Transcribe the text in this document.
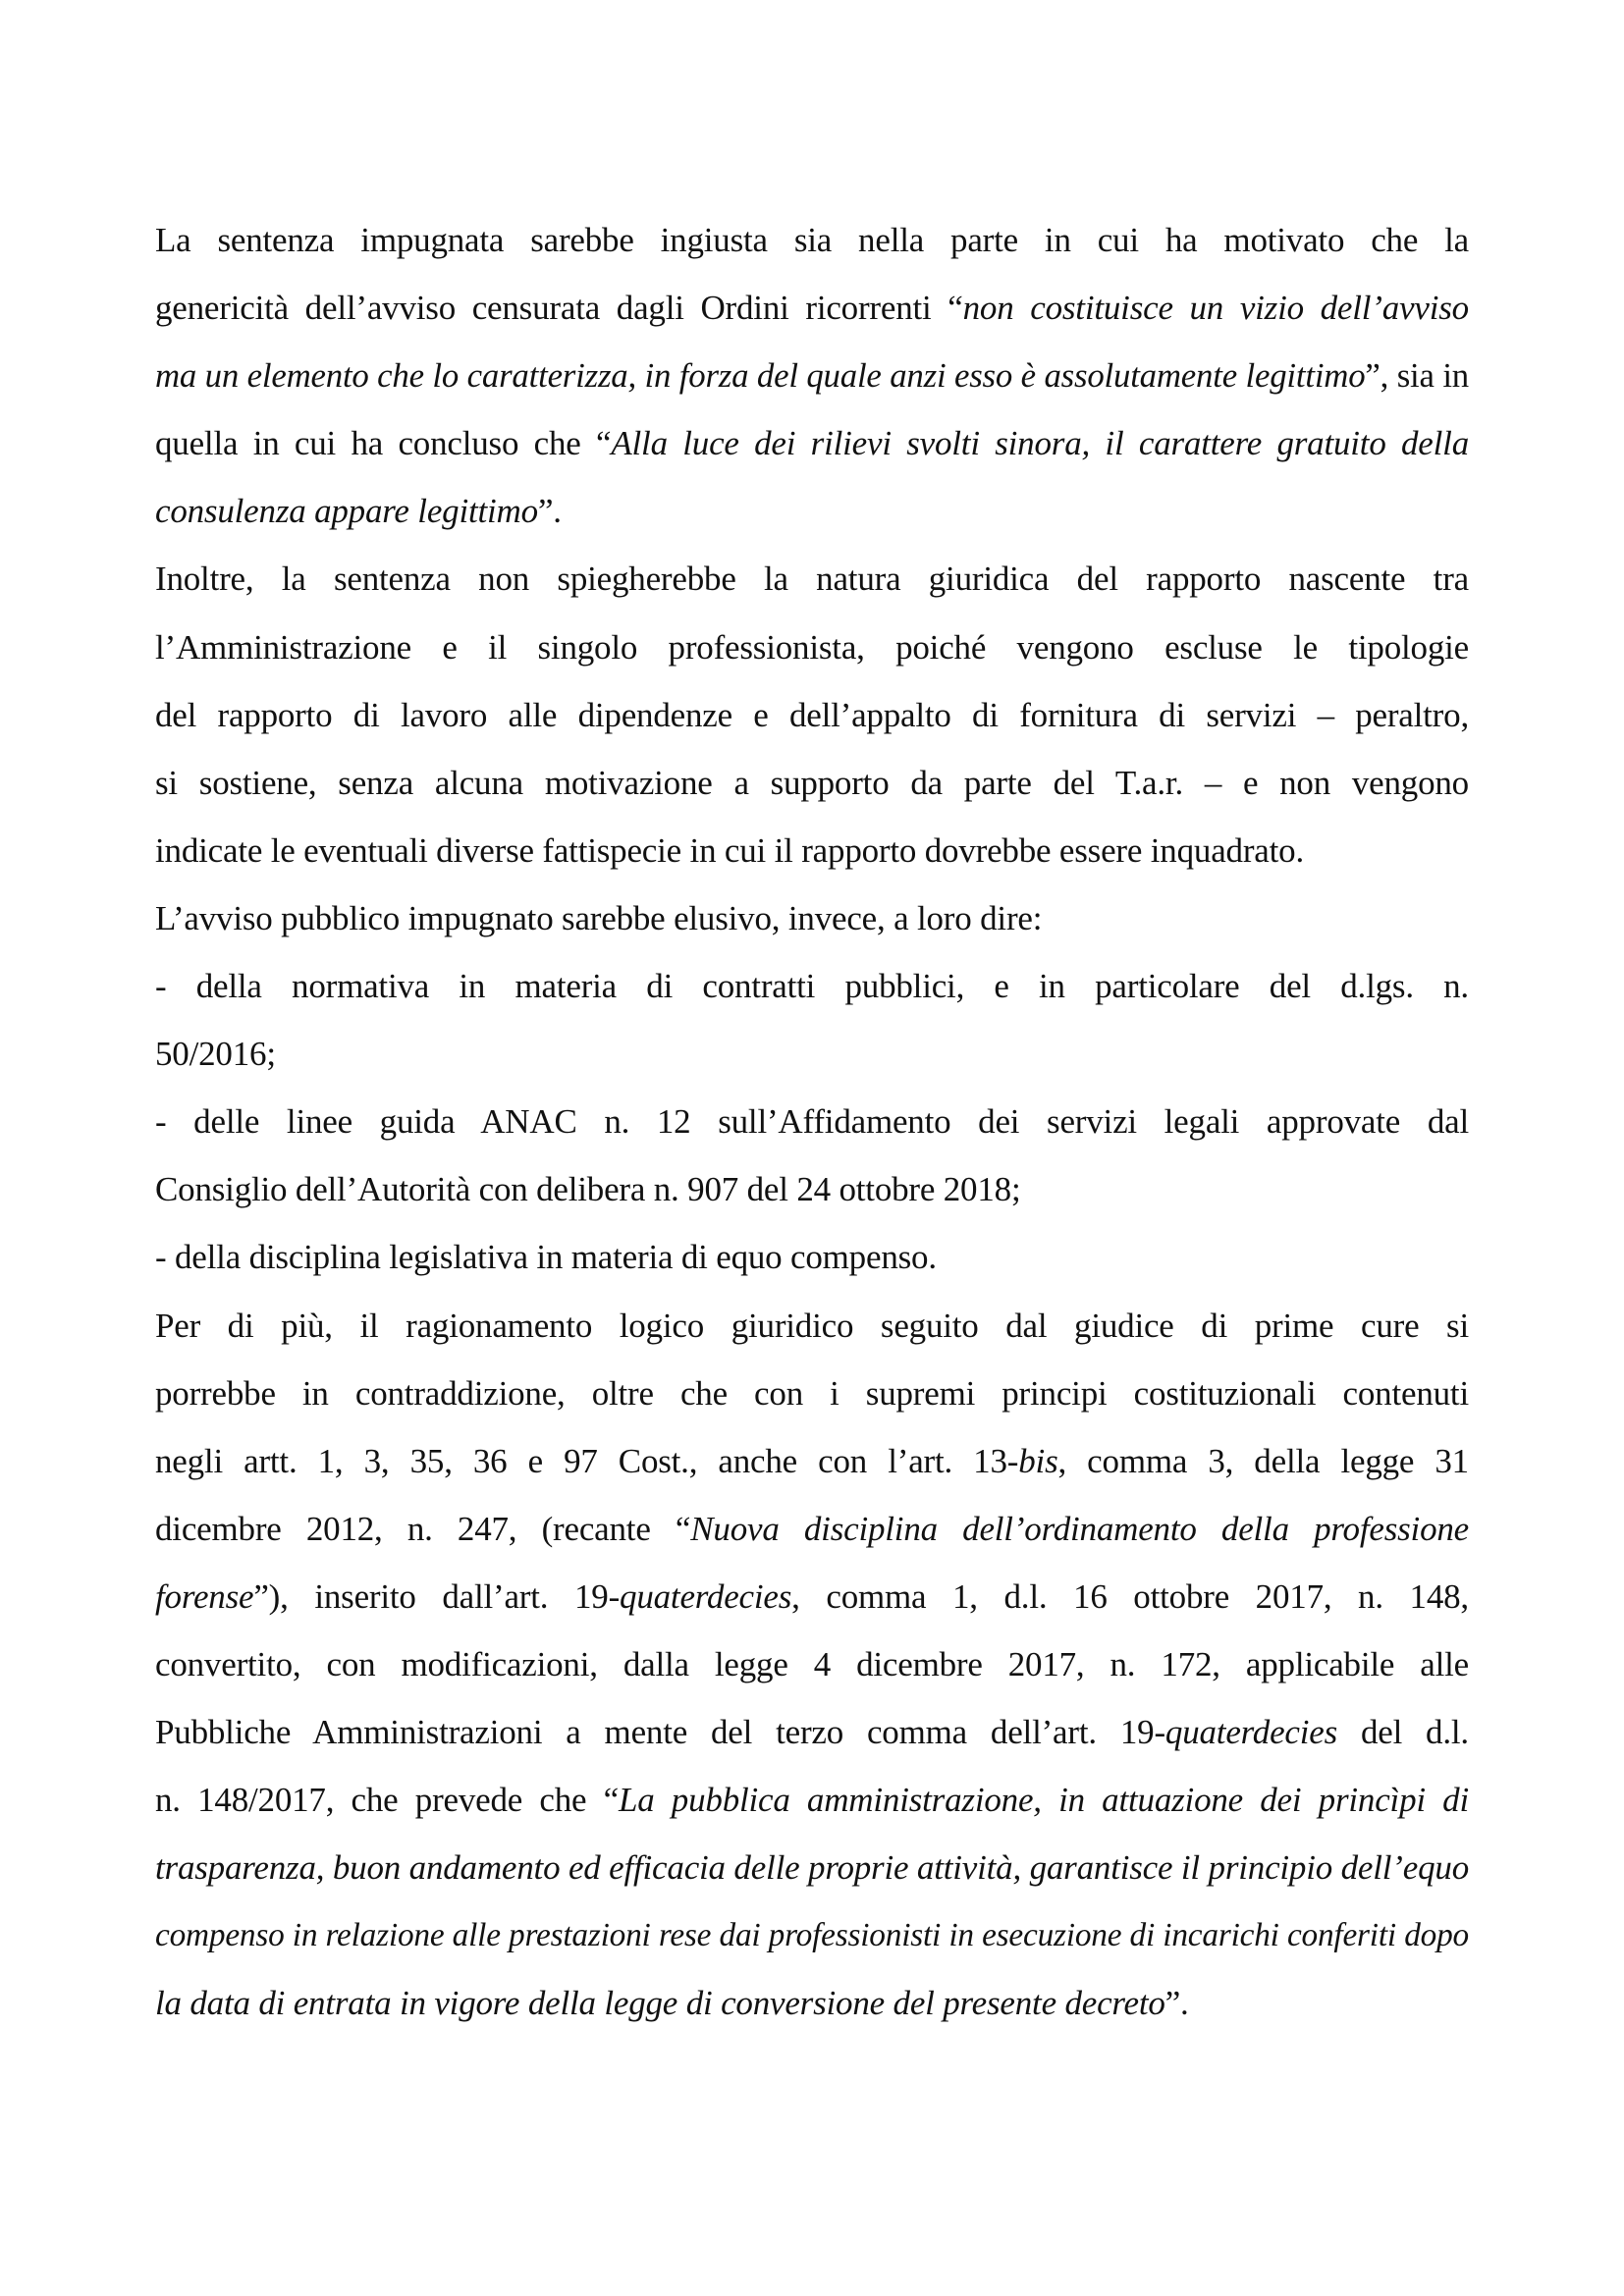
La sentenza impugnata sarebbe ingiusta sia nella parte in cui ha motivato che la
genericità dell’avviso censurata dagli Ordini ricorrenti “non costituisce un vizio dell’avviso
ma un elemento che lo caratterizza, in forza del quale anzi esso è assolutamente legittimo”, sia in
quella in cui ha concluso che “Alla luce dei rilievi svolti sinora, il carattere gratuito della
consulenza appare legittimo”.
Inoltre, la sentenza non spiegherebbe la natura giuridica del rapporto nascente tra
l’Amministrazione e il singolo professionista, poiché vengono escluse le tipologie
del rapporto di lavoro alle dipendenze e dell’appalto di fornitura di servizi – peraltro,
si sostiene, senza alcuna motivazione a supporto da parte del T.a.r. – e non vengono
indicate le eventuali diverse fattispecie in cui il rapporto dovrebbe essere inquadrato.
L’avviso pubblico impugnato sarebbe elusivo, invece, a loro dire:
- della normativa in materia di contratti pubblici, e in particolare del d.lgs. n.
50/2016;
- delle linee guida ANAC n. 12 sull’Affidamento dei servizi legali approvate dal
Consiglio dell’Autorità con delibera n. 907 del 24 ottobre 2018;
- della disciplina legislativa in materia di equo compenso.
Per di più, il ragionamento logico giuridico seguito dal giudice di prime cure si
porrebbe in contraddizione, oltre che con i supremi principi costituzionali contenuti
negli artt. 1, 3, 35, 36 e 97 Cost., anche con l’art. 13-bis, comma 3, della legge 31
dicembre 2012, n. 247, (recante “Nuova disciplina dell’ordinamento della professione
forense”), inserito dall’art. 19-quaterdecies, comma 1, d.l. 16 ottobre 2017, n. 148,
convertito, con modificazioni, dalla legge 4 dicembre 2017, n. 172, applicabile alle
Pubbliche Amministrazioni a mente del terzo comma dell’art. 19-quaterdecies del d.l.
n. 148/2017, che prevede che “La pubblica amministrazione, in attuazione dei princìpi di
trasparenza, buon andamento ed efficacia delle proprie attività, garantisce il principio dell’equo
compenso in relazione alle prestazioni rese dai professionisti in esecuzione di incarichi conferiti dopo
la data di entrata in vigore della legge di conversione del presente decreto”.
